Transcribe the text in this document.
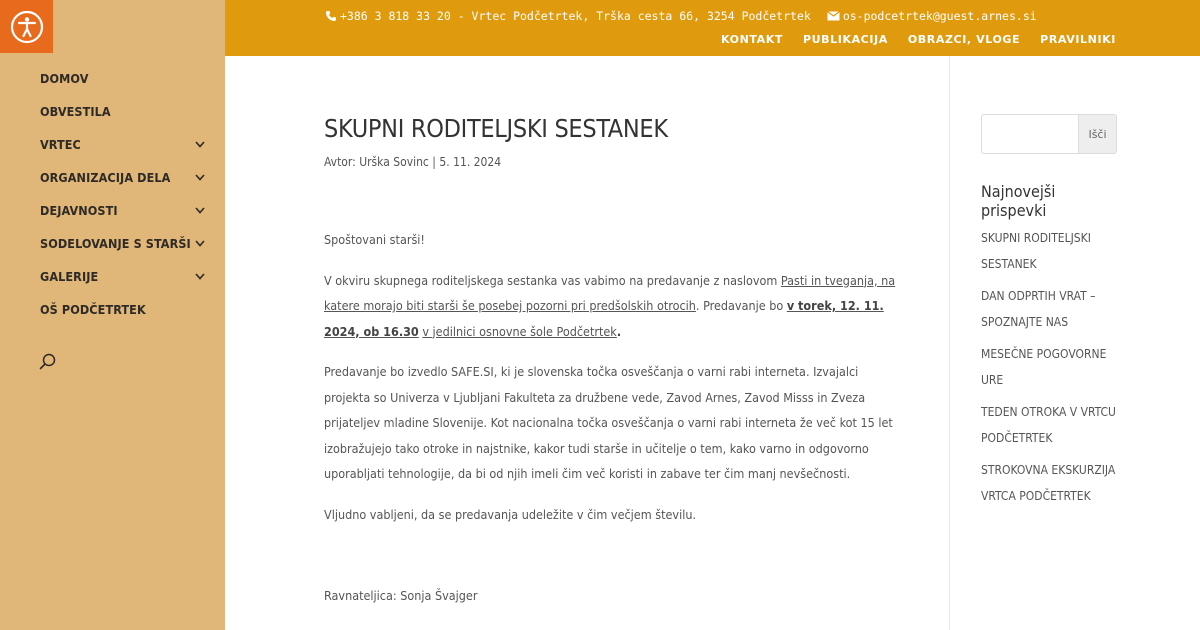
DOMOV
OBVESTILA
VRTEC
ORGANIZACIJA DELA
DEJAVNOSTI
SODELOVANJE S STARŠI
GALERIJE
OŠ PODČETRTEK
+386 3 818 33 20 - Vrtec Podčetrtek, Trška cesta 66, 3254 Podčetrtek	os-podcetrtek@guest.arnes.si
KONTAKT PUBLIKACIJA OBRAZCI, VLOGE PRAVILNIKI
SKUPNI RODITELJSKI SESTANEK
Avtor: Urška Sovinc | 5. 11. 2024

Spoštovani starši!

V okviru skupnega roditeljskega sestanka vas vabimo na predavanje z naslovom Pasti in tveganja, na katere morajo biti starši še posebej pozorni pri predšolskih otrocih. Predavanje bo v torek, 12. 11. 2024, ob 16.30 v jedilnici osnovne šole Podčetrtek.

Predavanje bo izvedlo SAFE.SI, ki je slovenska točka osveščanja o varni rabi interneta. Izvajalci projekta so Univerza v Ljubljani Fakulteta za družbene vede, Zavod Arnes, Zavod Misss in Zveza prijateljev mladine Slovenije. Kot nacionalna točka osveščanja o varni rabi interneta že več kot 15 let izobražujejo tako otroke in najstnike, kakor tudi starše in učitelje o tem, kako varno in odgovorno uporabljati tehnologije, da bi od njih imeli čim več koristi in zabave ter čim manj nevšečnosti.

Vljudno vabljeni, da se predavanja udeležite v čim večjem številu.

Ravnateljica: Sonja Švajger

Išči
Najnovejši prispevki
SKUPNI RODITELJSKI SESTANEK
DAN ODPRTIH VRAT – SPOZNAJTE NAS
MESEČNE POGOVORNE URE
TEDEN OTROKA V VRTCU PODČETRTEK
STROKOVNA EKSKURZIJA VRTCA PODČETRTEK
